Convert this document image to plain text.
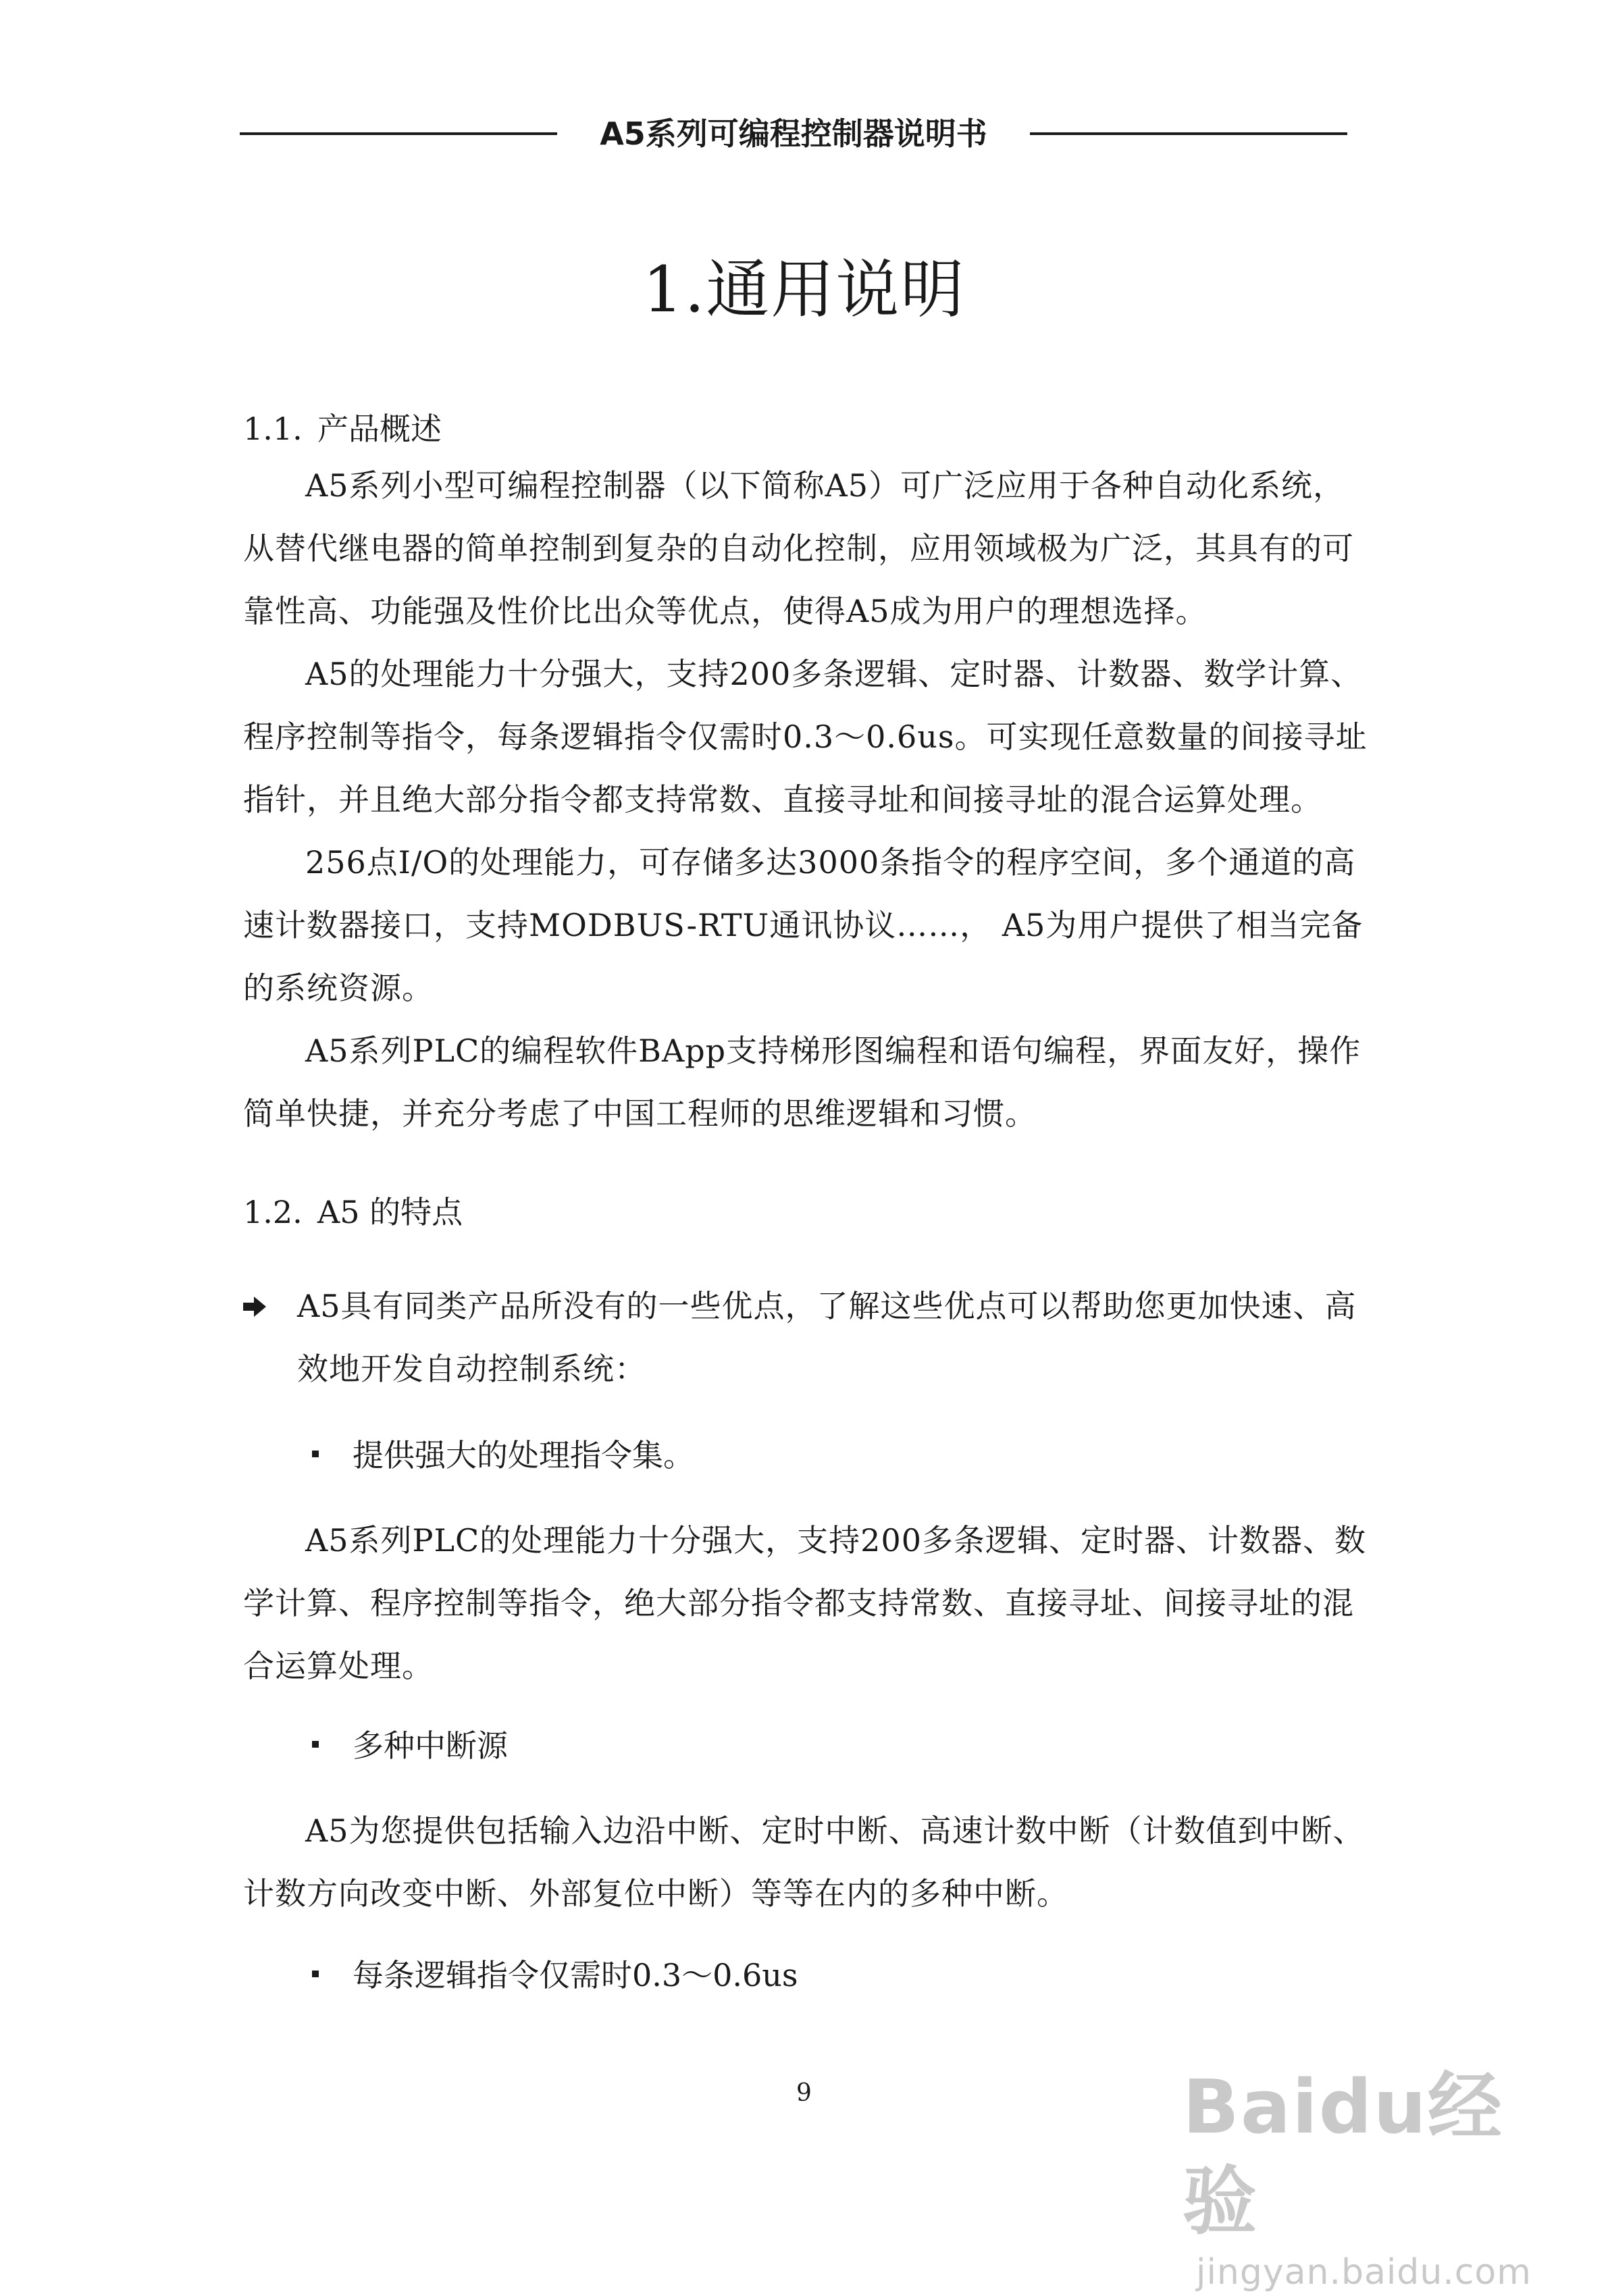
A5系列可编程控制器说明书
1.通用说明
1.1. 产品概述
A5系列小型可编程控制器（以下简称A5）可广泛应用于各种自动化系统，从替代继电器的简单控制到复杂的自动化控制，应用领域极为广泛，其具有的可靠性高、功能强及性价比出众等优点，使得A5成为用户的理想选择。
A5的处理能力十分强大，支持200多条逻辑、定时器、计数器、数学计算、程序控制等指令，每条逻辑指令仅需时0.3～0.6us。可实现任意数量的间接寻址指针，并且绝大部分指令都支持常数、直接寻址和间接寻址的混合运算处理。
256点I/O的处理能力，可存储多达3000条指令的程序空间，多个通道的高速计数器接口，支持MODBUS-RTU通讯协议……， A5为用户提供了相当完备的系统资源。
A5系列PLC的编程软件BApp支持梯形图编程和语句编程，界面友好，操作简单快捷，并充分考虑了中国工程师的思维逻辑和习惯。
1.2. A5 的特点
A5具有同类产品所没有的一些优点，了解这些优点可以帮助您更加快速、高效地开发自动控制系统：
提供强大的处理指令集。
A5系列PLC的处理能力十分强大，支持200多条逻辑、定时器、计数器、数学计算、程序控制等指令，绝大部分指令都支持常数、直接寻址、间接寻址的混合运算处理。
多种中断源
A5为您提供包括输入边沿中断、定时中断、高速计数中断（计数值到中断、计数方向改变中断、外部复位中断）等等在内的多种中断。
每条逻辑指令仅需时0.3～0.6us
9	Baidu经验
jingyan.baidu.com
